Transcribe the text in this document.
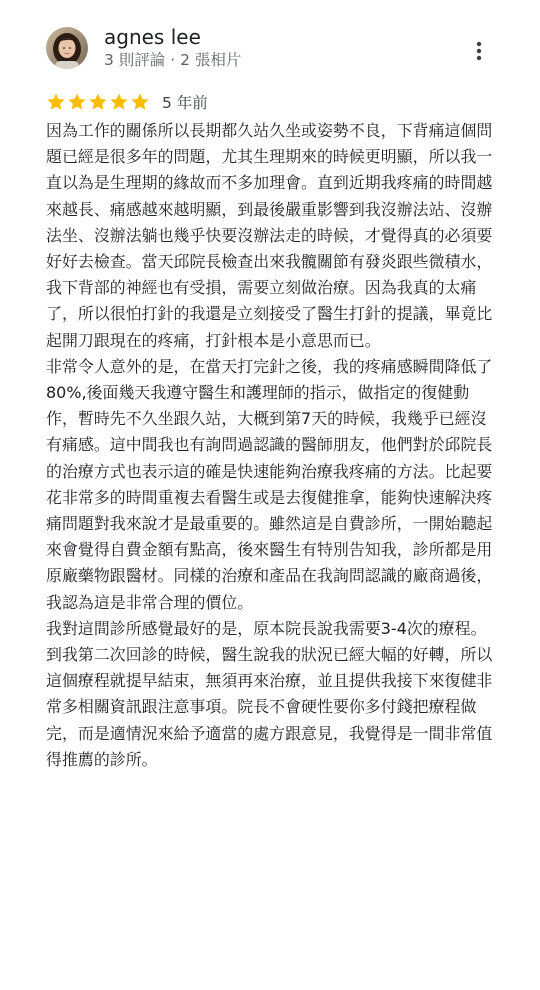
agnes lee
3 則評論 · 2 張相片
5 年前

因為工作的關係所以長期都久站久坐或姿勢不良，下背痛這個問題已經是很多年的問題，尤其生理期來的時候更明顯，所以我一直以為是生理期的緣故而不多加理會。直到近期我疼痛的時間越來越長、痛感越來越明顯，到最後嚴重影響到我沒辦法站、沒辦法坐、沒辦法躺也幾乎快要沒辦法走的時候，才覺得真的必須要好好去檢查。當天邱院長檢查出來我髖關節有發炎跟些微積水，我下背部的神經也有受損，需要立刻做治療。因為我真的太痛了，所以很怕打針的我還是立刻接受了醫生打針的提議，畢竟比起開刀跟現在的疼痛，打針根本是小意思而已。

非常令人意外的是，在當天打完針之後，我的疼痛感瞬間降低了80%,後面幾天我遵守醫生和護理師的指示，做指定的復健動作，暫時先不久坐跟久站，大概到第7天的時候，我幾乎已經沒有痛感。這中間我也有詢問過認識的醫師朋友，他們對於邱院長的治療方式也表示這的確是快速能夠治療我疼痛的方法。比起要花非常多的時間重複去看醫生或是去復健推拿，能夠快速解決疼痛問題對我來說才是最重要的。雖然這是自費診所，一開始聽起來會覺得自費金額有點高，後來醫生有特別告知我，診所都是用原廠藥物跟醫材。同樣的治療和產品在我詢問認識的廠商過後，我認為這是非常合理的價位。

我對這間診所感覺最好的是，原本院長說我需要3-4次的療程。到我第二次回診的時候，醫生說我的狀況已經大幅的好轉，所以這個療程就提早結束，無須再來治療，並且提供我接下來復健非常多相關資訊跟注意事項。院長不會硬性要你多付錢把療程做完，而是適情況來給予適當的處方跟意見，我覺得是一間非常值得推薦的診所。
